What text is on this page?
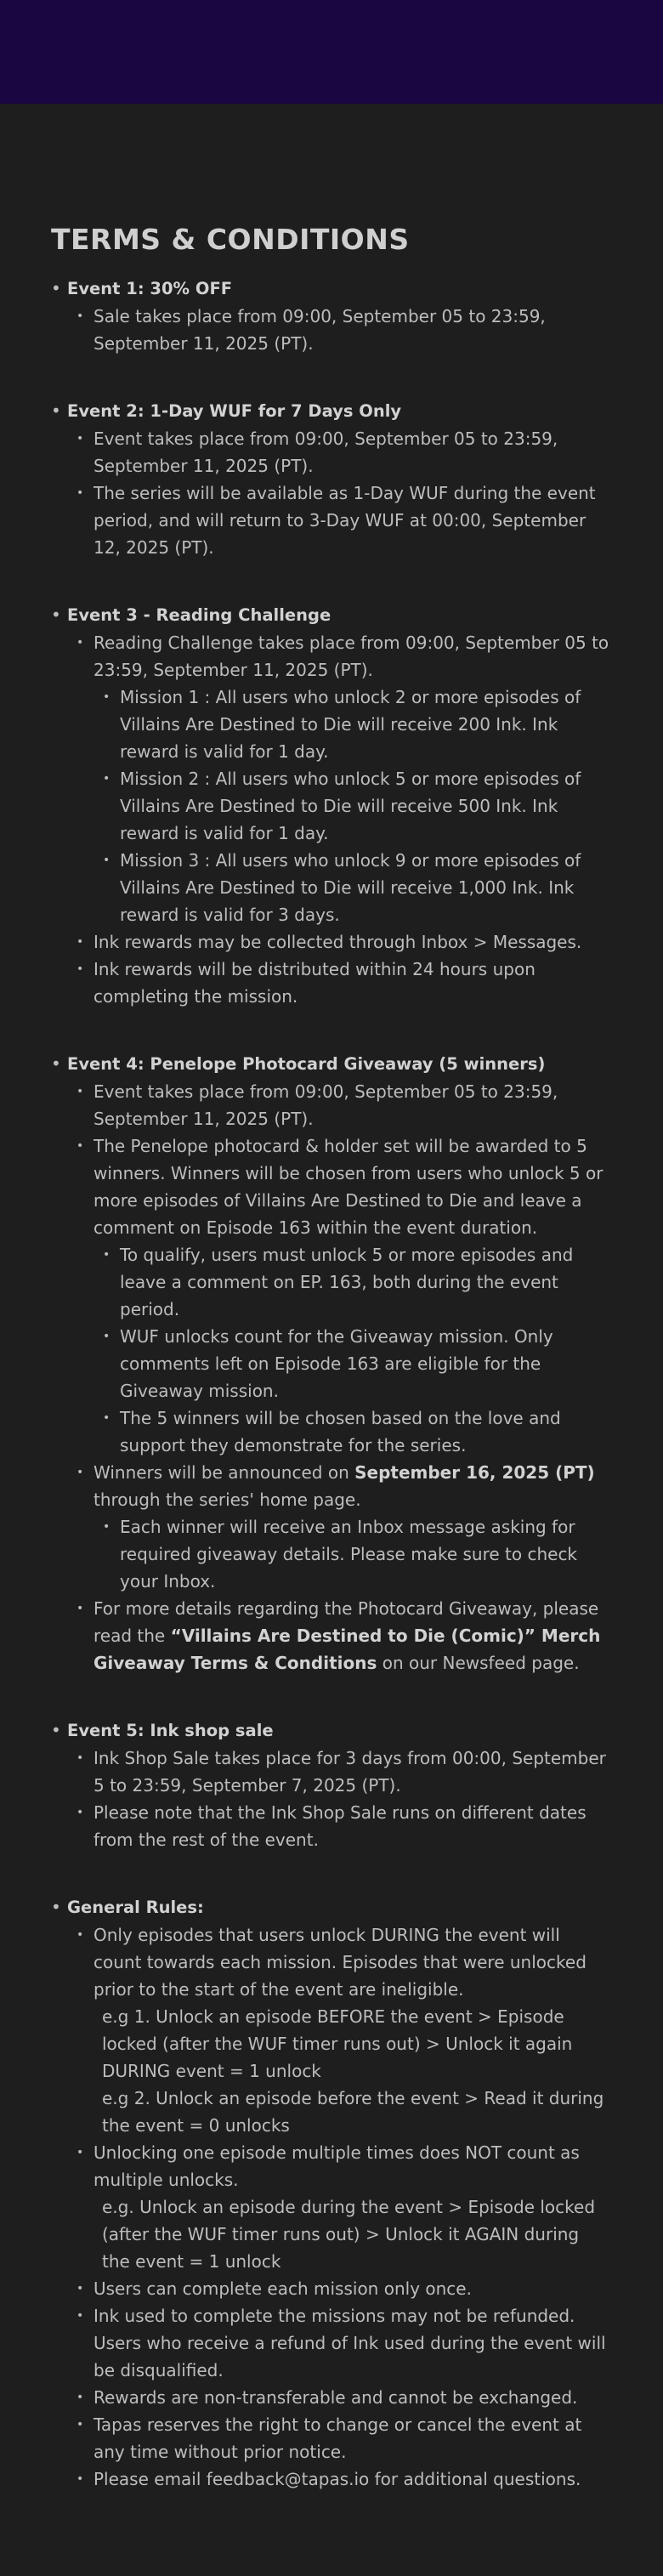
TERMS & CONDITIONS
• Event 1: 30% OFF
• Sale takes place from 09:00, September 05 to 23:59, September 11, 2025 (PT).
• Event 2: 1-Day WUF for 7 Days Only
• Event takes place from 09:00, September 05 to 23:59, September 11, 2025 (PT).
• The series will be available as 1-Day WUF during the event period, and will return to 3-Day WUF at 00:00, September 12, 2025 (PT).
• Event 3 - Reading Challenge
• Reading Challenge takes place from 09:00, September 05 to 23:59, September 11, 2025 (PT).
• Mission 1 : All users who unlock 2 or more episodes of Villains Are Destined to Die will receive 200 Ink. Ink reward is valid for 1 day.
• Mission 2 : All users who unlock 5 or more episodes of Villains Are Destined to Die will receive 500 Ink. Ink reward is valid for 1 day.
• Mission 3 : All users who unlock 9 or more episodes of Villains Are Destined to Die will receive 1,000 Ink. Ink reward is valid for 3 days.
• Ink rewards may be collected through Inbox > Messages.
• Ink rewards will be distributed within 24 hours upon completing the mission.
• Event 4: Penelope Photocard Giveaway (5 winners)
• Event takes place from 09:00, September 05 to 23:59, September 11, 2025 (PT).
• The Penelope photocard & holder set will be awarded to 5 winners. Winners will be chosen from users who unlock 5 or more episodes of Villains Are Destined to Die and leave a comment on Episode 163 within the event duration.
• To qualify, users must unlock 5 or more episodes and leave a comment on EP. 163, both during the event period.
• WUF unlocks count for the Giveaway mission. Only comments left on Episode 163 are eligible for the Giveaway mission.
• The 5 winners will be chosen based on the love and support they demonstrate for the series.
• Winners will be announced on September 16, 2025 (PT) through the series' home page.
• Each winner will receive an Inbox message asking for required giveaway details. Please make sure to check your Inbox.
• For more details regarding the Photocard Giveaway, please read the “Villains Are Destined to Die (Comic)” Merch Giveaway Terms & Conditions on our Newsfeed page.
• Event 5: Ink shop sale
• Ink Shop Sale takes place for 3 days from 00:00, September 5 to 23:59, September 7, 2025 (PT).
• Please note that the Ink Shop Sale runs on different dates from the rest of the event.
• General Rules:
• Only episodes that users unlock DURING the event will count towards each mission. Episodes that were unlocked prior to the start of the event are ineligible.
e.g 1. Unlock an episode BEFORE the event > Episode locked (after the WUF timer runs out) > Unlock it again DURING event = 1 unlock
e.g 2. Unlock an episode before the event > Read it during the event = 0 unlocks
• Unlocking one episode multiple times does NOT count as multiple unlocks.
e.g. Unlock an episode during the event > Episode locked (after the WUF timer runs out) > Unlock it AGAIN during the event = 1 unlock
• Users can complete each mission only once.
• Ink used to complete the missions may not be refunded. Users who receive a refund of Ink used during the event will be disqualified.
• Rewards are non-transferable and cannot be exchanged.
• Tapas reserves the right to change or cancel the event at any time without prior notice.
• Please email feedback@tapas.io for additional questions.
